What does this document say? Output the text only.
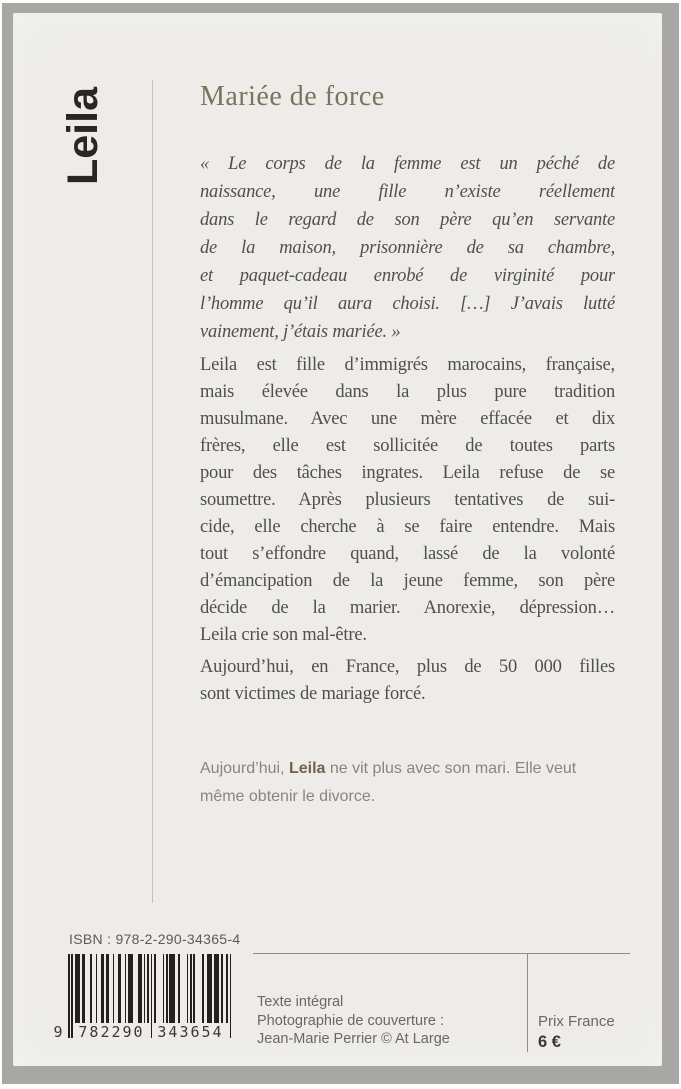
Leila	Mariée de force
« Le corps de la femme est un péché de
naissance, une fille n’existe réellement
dans le regard de son père qu’en servante
de la maison, prisonnière de sa chambre,
et paquet-cadeau enrobé de virginité pour
l’homme qu’il aura choisi. […] J’avais lutté
vainement, j’étais mariée. »
Leila est fille d’immigrés marocains, française,
mais élevée dans la plus pure tradition
musulmane. Avec une mère effacée et dix
frères, elle est sollicitée de toutes parts
pour des tâches ingrates. Leila refuse de se
soumettre. Après plusieurs tentatives de sui-
cide, elle cherche à se faire entendre. Mais
tout s’effondre quand, lassé de la volonté
d’émancipation de la jeune femme, son père
décide de la marier. Anorexie, dépression…
Leila crie son mal-être.
Aujourd’hui, en France, plus de 50 000 filles
sont victimes de mariage forcé.
Aujourd’hui, Leila ne vit plus avec son mari. Elle veut
même obtenir le divorce.
ISBN : 978-2-290-34365-4
9 782290 343654
Texte intégral
Photographie de couverture :
Jean-Marie Perrier © At Large
Prix France
6 €
